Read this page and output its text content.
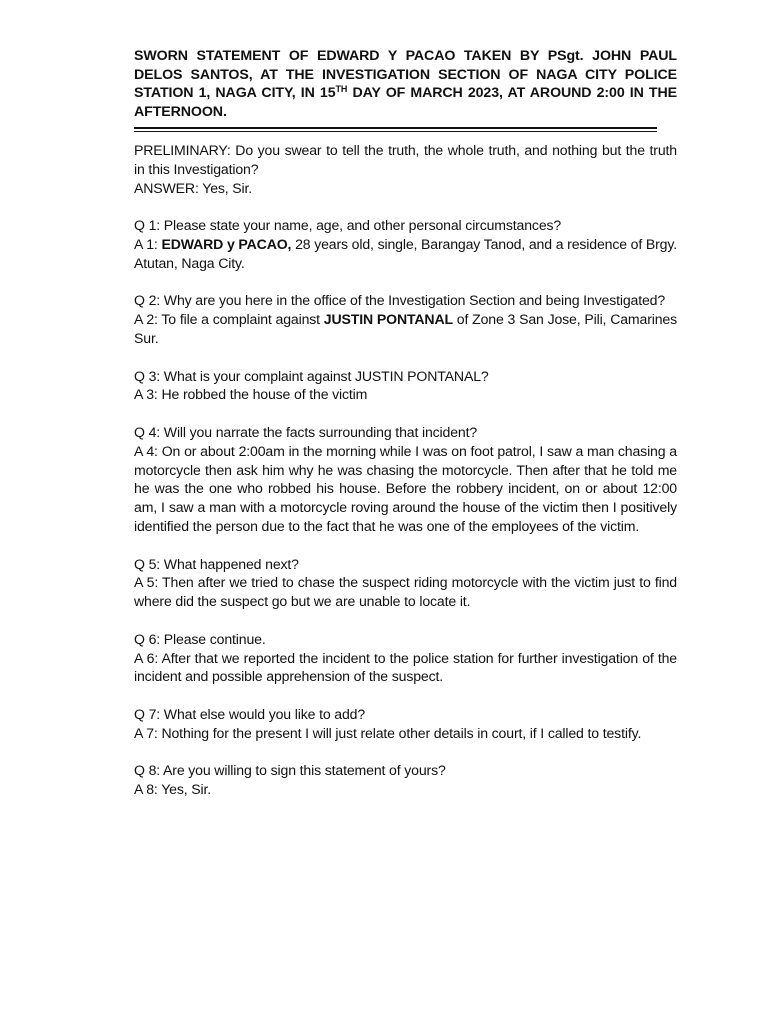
SWORN STATEMENT OF EDWARD Y PACAO TAKEN BY PSgt. JOHN PAUL DELOS SANTOS, AT THE INVESTIGATION SECTION OF NAGA CITY POLICE STATION 1, NAGA CITY, IN 15TH DAY OF MARCH 2023, AT AROUND 2:00 IN THE AFTERNOON.

PRELIMINARY: Do you swear to tell the truth, the whole truth, and nothing but the truth in this Investigation?

ANSWER: Yes, Sir.

Q 1: Please state your name, age, and other personal circumstances?

A 1: EDWARD y PACAO, 28 years old, single, Barangay Tanod, and a residence of Brgy. Atutan, Naga City.

Q 2: Why are you here in the office of the Investigation Section and being Investigated?

A 2: To file a complaint against JUSTIN PONTANAL of Zone 3 San Jose, Pili, Camarines Sur.

Q 3: What is your complaint against JUSTIN PONTANAL?

A 3: He robbed the house of the victim

Q 4: Will you narrate the facts surrounding that incident?

A 4: On or about 2:00am in the morning while I was on foot patrol, I saw a man chasing a motorcycle then ask him why he was chasing the motorcycle. Then after that he told me he was the one who robbed his house. Before the robbery incident, on or about 12:00 am, I saw a man with a motorcycle roving around the house of the victim then I positively identified the person due to the fact that he was one of the employees of the victim.

Q 5: What happened next?

A 5: Then after we tried to chase the suspect riding motorcycle with the victim just to find where did the suspect go but we are unable to locate it.

Q 6: Please continue.

A 6: After that we reported the incident to the police station for further investigation of the incident and possible apprehension of the suspect.

Q 7: What else would you like to add?

A 7: Nothing for the present I will just relate other details in court, if I called to testify.

Q 8: Are you willing to sign this statement of yours?

A 8: Yes, Sir.
